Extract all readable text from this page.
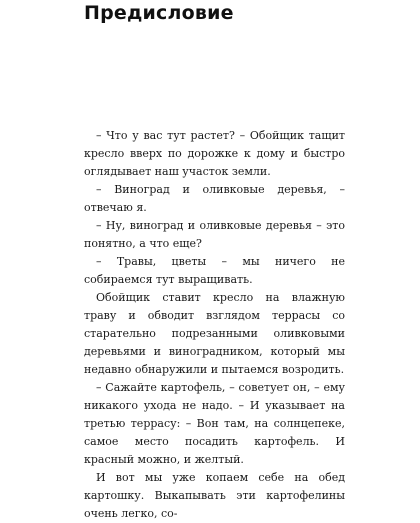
Предисловие

– Что у вас тут растет? – Обойщик тащит кресло вверх по дорожке к дому и быстро оглядывает наш участок земли.

– Виноград и оливковые деревья, – отвечаю я.

– Ну, виноград и оливковые деревья – это понятно, а что еще?

– Травы, цветы – мы ничего не собираемся тут выращивать.

Обойщик ставит кресло на влажную траву и обводит взглядом террасы со старательно подрезанными оливковыми деревьями и виноградником, который мы недавно обнаружили и пытаемся возродить.

– Сажайте картофель, – советует он, – ему никакого ухода не надо. – И указывает на третью террасу: – Вон там, на солнцепеке, самое место посадить картофель. И красный можно, и желтый.

И вот мы уже копаем себе на обед картошку. Выкапывать эти картофелины очень легко, со-
